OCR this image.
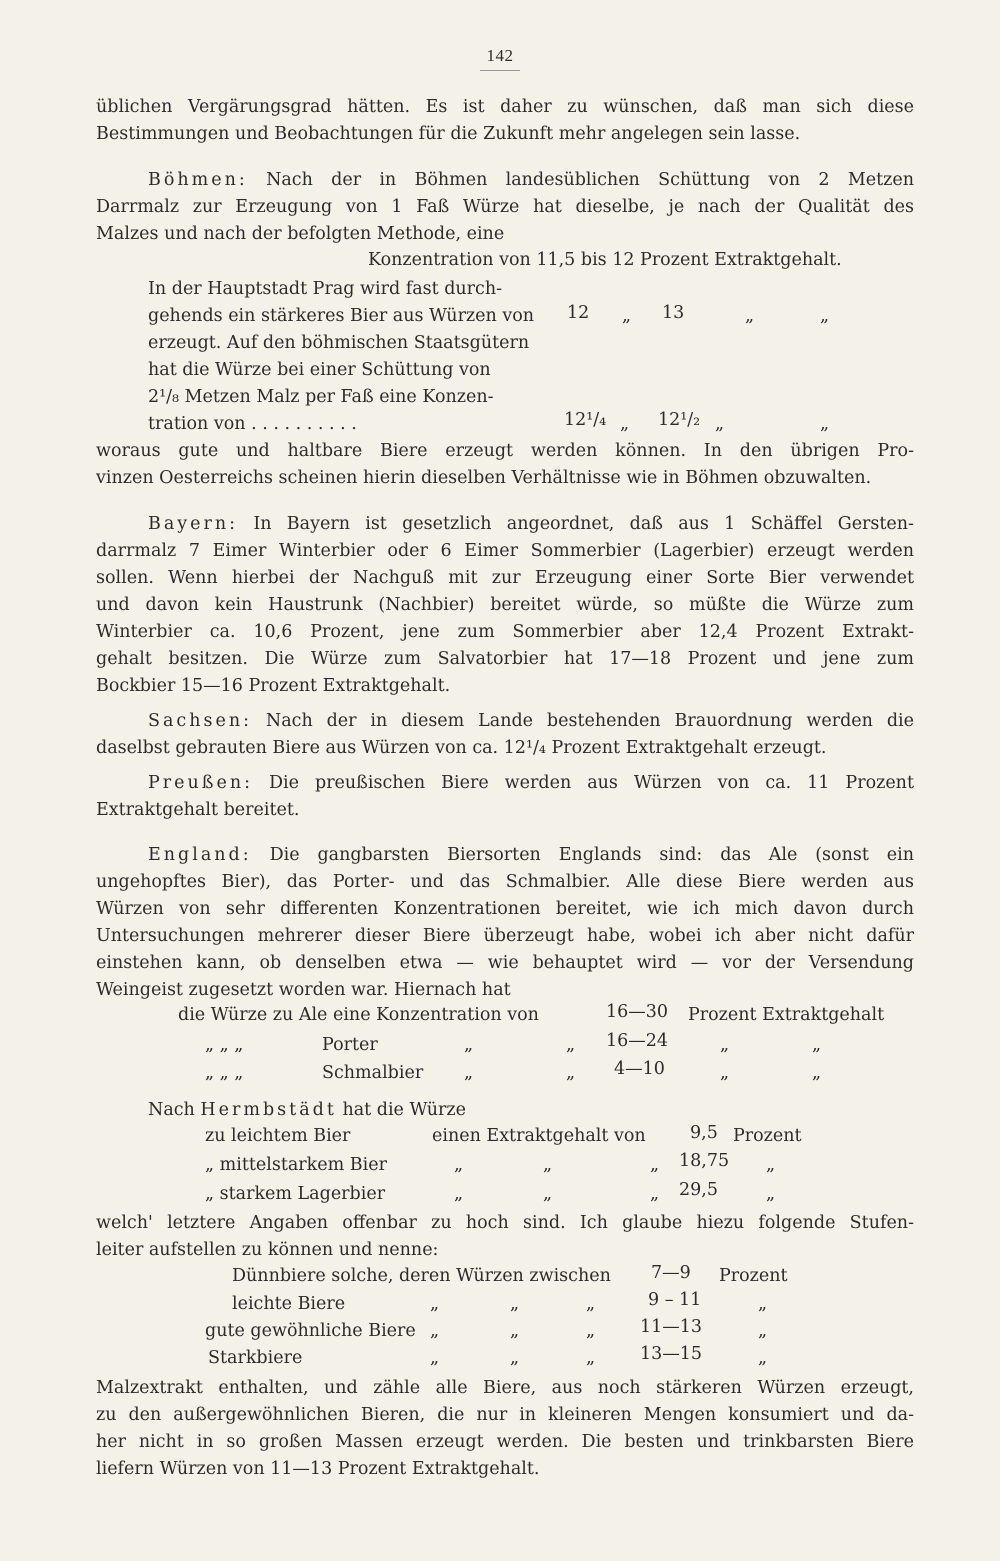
142
üblichen Vergärungsgrad hätten. Es ist daher zu wünschen, daß man sich diese
Bestimmungen und Beobachtungen für die Zukunft mehr angelegen sein lasse.
Böhmen: Nach der in Böhmen landesüblichen Schüttung von 2 Metzen
Darrmalz zur Erzeugung von 1 Faß Würze hat dieselbe, je nach der Qualität des
Malzes und nach der befolgten Methode, eine
Konzentration von 11,5 bis 12 Prozent Extraktgehalt.
In der Hauptstadt Prag wird fast durch-
gehends ein stärkeres Bier aus Würzen von 12 „ 13	„	„
erzeugt. Auf den böhmischen Staatsgütern
hat die Würze bei einer Schüttung von
2¹/₈ Metzen Malz per Faß eine Konzen-
tration von . . . . . . . . . .	12¹/₄ „ 12¹/₂ „	„
woraus gute und haltbare Biere erzeugt werden können. In den übrigen Pro-
vinzen Oesterreichs scheinen hierin dieselben Verhältnisse wie in Böhmen obzuwalten.
Bayern: In Bayern ist gesetzlich angeordnet, daß aus 1 Schäffel Gersten-
darrmalz 7 Eimer Winterbier oder 6 Eimer Sommerbier (Lagerbier) erzeugt werden
sollen. Wenn hierbei der Nachguß mit zur Erzeugung einer Sorte Bier verwendet
und davon kein Haustrunk (Nachbier) bereitet würde, so müßte die Würze zum
Winterbier ca. 10,6 Prozent, jene zum Sommerbier aber 12,4 Prozent Extrakt-
gehalt besitzen. Die Würze zum Salvatorbier hat 17—18 Prozent und jene zum
Bockbier 15—16 Prozent Extraktgehalt.
Sachsen: Nach der in diesem Lande bestehenden Brauordnung werden die
daselbst gebrauten Biere aus Würzen von ca. 12¹/₄ Prozent Extraktgehalt erzeugt.
Preußen: Die preußischen Biere werden aus Würzen von ca. 11 Prozent
Extraktgehalt bereitet.
England: Die gangbarsten Biersorten Englands sind: das Ale (sonst ein
ungehopftes Bier), das Porter- und das Schmalbier. Alle diese Biere werden aus
Würzen von sehr differenten Konzentrationen bereitet, wie ich mich davon durch
Untersuchungen mehrerer dieser Biere überzeugt habe, wobei ich aber nicht dafür
einstehen kann, ob denselben etwa — wie behauptet wird — vor der Versendung
Weingeist zugesetzt worden war. Hiernach hat
die Würze zu Ale eine Konzentration von	16—30 Prozent Extraktgehalt
„ „ „	Porter	„	„ 16—24	„	„
„ „ „	Schmalbier „	„ 4—10	„	„
Nach Hermbstädt hat die Würze
zu leichtem Bier	einen Extraktgehalt von	9,5 Prozent
„ mittelstarkem Bier	„	„	„ 18,75 „
„ starkem Lagerbier	„	„	„ 29,5	„
welch' letztere Angaben offenbar zu hoch sind. Ich glaube hiezu folgende Stufen-
leiter aufstellen zu können und nenne:
Dünnbiere solche, deren Würzen zwischen 7—9 Prozent
leichte Biere	„	„	„	9 – 11	„
gute gewöhnliche Biere „	„	„	11—13	„
Starkbiere	„	„	„	13—15	„
Malzextrakt enthalten, und zähle alle Biere, aus noch stärkeren Würzen erzeugt,
zu den außergewöhnlichen Bieren, die nur in kleineren Mengen konsumiert und da-
her nicht in so großen Massen erzeugt werden. Die besten und trinkbarsten Biere
liefern Würzen von 11—13 Prozent Extraktgehalt.
